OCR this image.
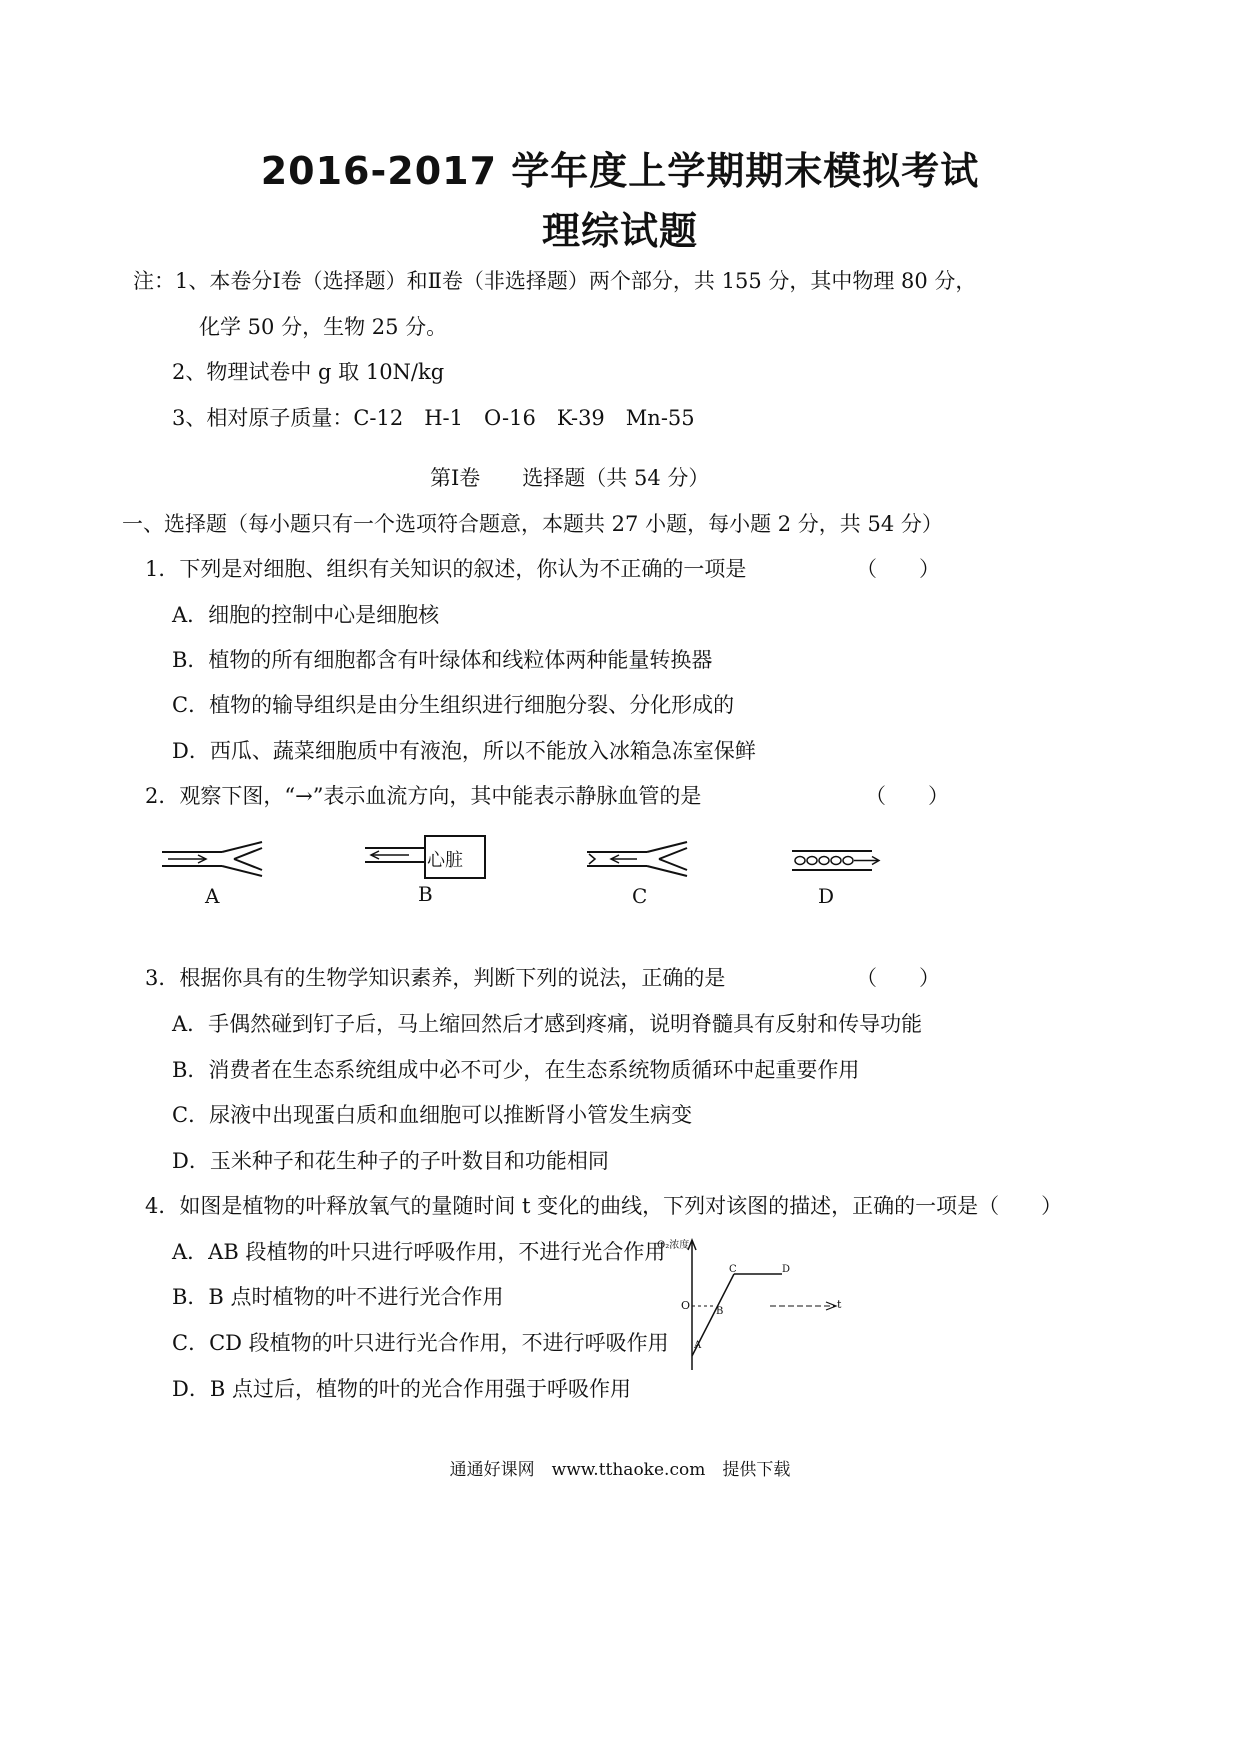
2016-2017 学年度上学期期末模拟考试
理综试题
注：1、本卷分Ⅰ卷（选择题）和Ⅱ卷（非选择题）两个部分，共 155 分，其中物理 80 分，
化学 50 分，生物 25 分。
2、物理试卷中 g 取 10N/kg
3、相对原子质量：C-12　H-1　O-16　K-39　Mn-55
第Ⅰ卷　　选择题（共 54 分）
一、选择题（每小题只有一个选项符合题意，本题共 27 小题，每小题 2 分，共 54 分）
1．下列是对细胞、组织有关知识的叙述，你认为不正确的一项是	（　　）
A．细胞的控制中心是细胞核
B．植物的所有细胞都含有叶绿体和线粒体两种能量转换器
C．植物的输导组织是由分生组织进行细胞分裂、分化形成的
D．西瓜、蔬菜细胞质中有液泡，所以不能放入冰箱急冻室保鲜
2．观察下图，“→”表示血流方向，其中能表示静脉血管的是	（　　）
A
心脏
B	C	D
3．根据你具有的生物学知识素养，判断下列的说法，正确的是	（　　）
A．手偶然碰到钉子后，马上缩回然后才感到疼痛，说明脊髓具有反射和传导功能
B．消费者在生态系统组成中必不可少，在生态系统物质循环中起重要作用
C．尿液中出现蛋白质和血细胞可以推断肾小管发生病变
D．玉米种子和花生种子的子叶数目和功能相同
4．如图是植物的叶释放氧气的量随时间 t 变化的曲线，下列对该图的描述，正确的一项是（　　）
A．AB 段植物的叶只进行呼吸作用，不进行光合作用
B．B 点时植物的叶不进行光合作用
C．CD 段植物的叶只进行光合作用，不进行呼吸作用
D．B 点过后，植物的叶的光合作用强于呼吸作用
O₂浓度
t
O
A
B
C	D
通通好课网　www.tthaoke.com　提供下载
